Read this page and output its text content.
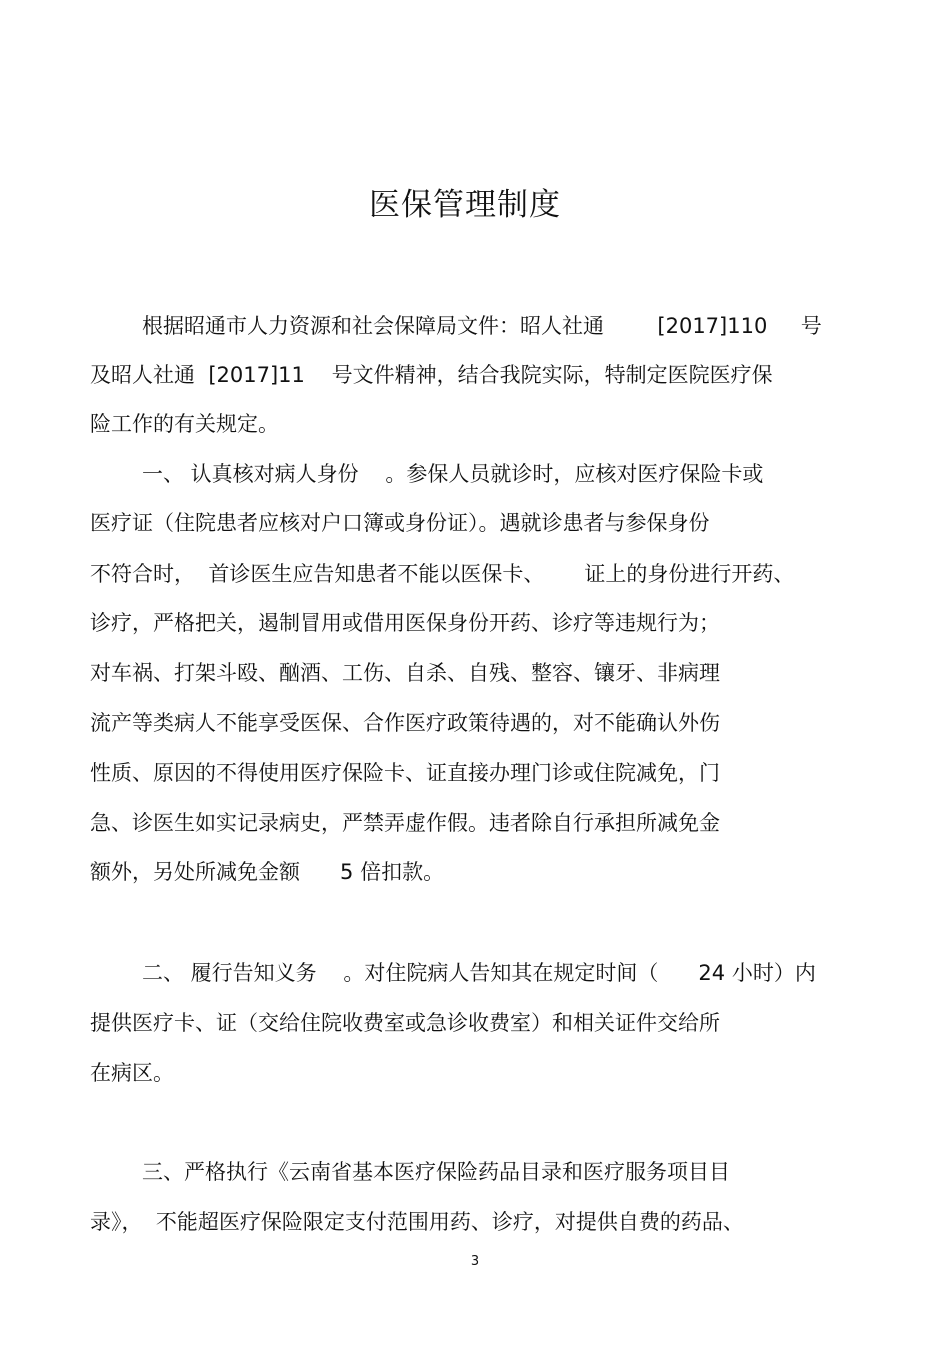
医保管理制度
根据昭通市人力资源和社会保障局文件：昭人社通        [2017]110     号
及昭人社通  [2017]11    号文件精神，结合我院实际，特制定医院医疗保
险工作的有关规定。
一、 认真核对病人身份    。参保人员就诊时，应核对医疗保险卡或
医疗证（住院患者应核对户口簿或身份证）。遇就诊患者与参保身份
不符合时，  首诊医生应告知患者不能以医保卡、      证上的身份进行开药、
诊疗，严格把关，遏制冒用或借用医保身份开药、诊疗等违规行为；
对车祸、打架斗殴、酗酒、工伤、自杀、自残、整容、镶牙、非病理
流产等类病人不能享受医保、合作医疗政策待遇的，对不能确认外伤
性质、原因的不得使用医疗保险卡、证直接办理门诊或住院减免，门
急、诊医生如实记录病史，严禁弄虚作假。违者除自行承担所减免金
额外，另处所减免金额      5 倍扣款。
二、 履行告知义务    。对住院病人告知其在规定时间（      24 小时）内
提供医疗卡、证（交给住院收费室或急诊收费室）和相关证件交给所
在病区。
三、严格执行《云南省基本医疗保险药品目录和医疗服务项目目
录》，  不能超医疗保险限定支付范围用药、诊疗，对提供自费的药品、
3
